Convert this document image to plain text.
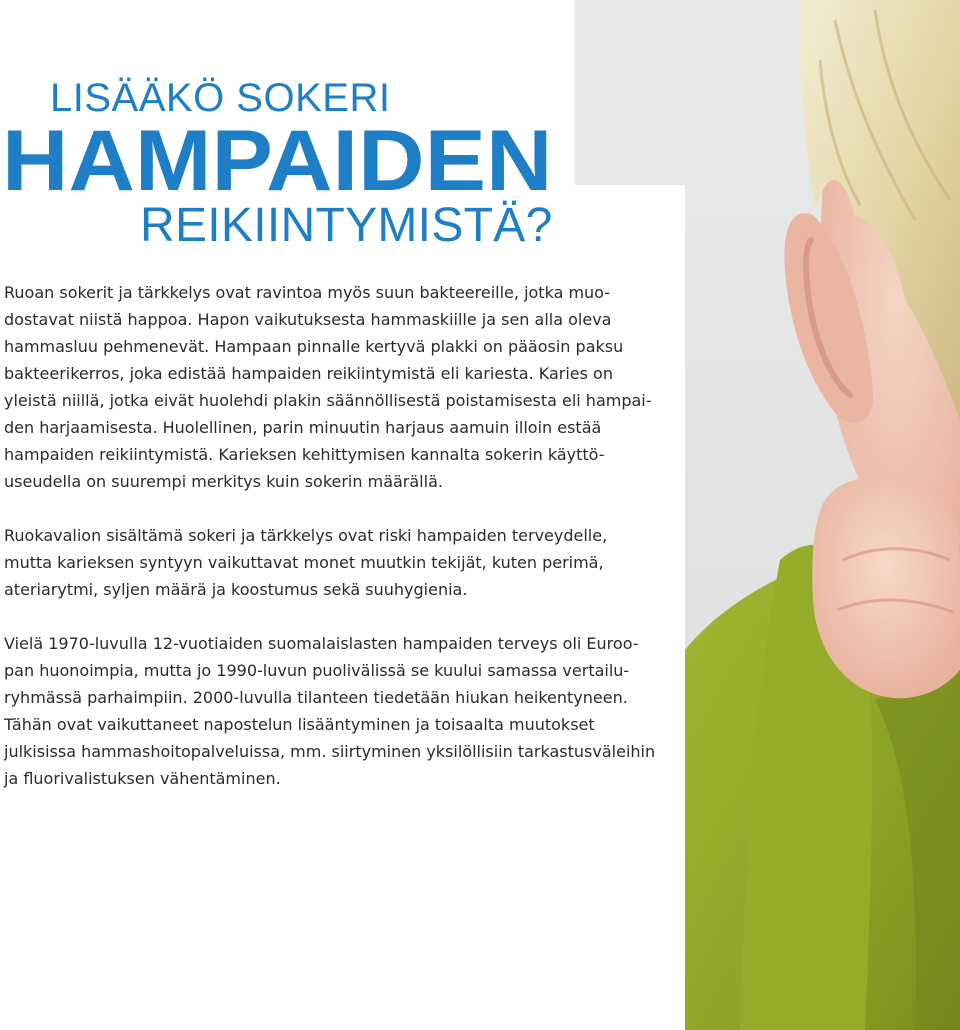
LISÄÄKÖ SOKERI
HAMPAIDEN
REIKIINTYMISTÄ?

Ruoan sokerit ja tärkkelys ovat ravintoa myös suun bakteereille, jotka muo-
dostavat niistä happoa. Hapon vaikutuksesta hammaskiille ja sen alla oleva
hammasluu pehmenevät. Hampaan pinnalle kertyvä plakki on pääosin paksu
bakteerikerros, joka edistää hampaiden reikiintymistä eli kariesta. Karies on
yleistä niillä, jotka eivät huolehdi plakin säännöllisestä poistamisesta eli hampai-
den harjaamisesta. Huolellinen, parin minuutin harjaus aamuin illoin estää
hampaiden reikiintymistä. Karieksen kehittymisen kannalta sokerin käyttö-
useudella on suurempi merkitys kuin sokerin määrällä.

Ruokavalion sisältämä sokeri ja tärkkelys ovat riski hampaiden terveydelle,
mutta karieksen syntyyn vaikuttavat monet muutkin tekijät, kuten perimä,
ateriarytmi, syljen määrä ja koostumus sekä suuhygienia.

Vielä 1970-luvulla 12-vuotiaiden suomalaislasten hampaiden terveys oli Euroo-
pan huonoimpia, mutta jo 1990-luvun puolivälissä se kuului samassa vertailu-
ryhmässä parhaimpiin. 2000-luvulla tilanteen tiedetään hiukan heikentyneen.
Tähän ovat vaikuttaneet napostelun lisääntyminen ja toisaalta muutokset
julkisissa hammashoitopalveluissa, mm. siirtyminen yksilöllisiin tarkastusväleihin
ja fluorivalistuksen vähentäminen.
